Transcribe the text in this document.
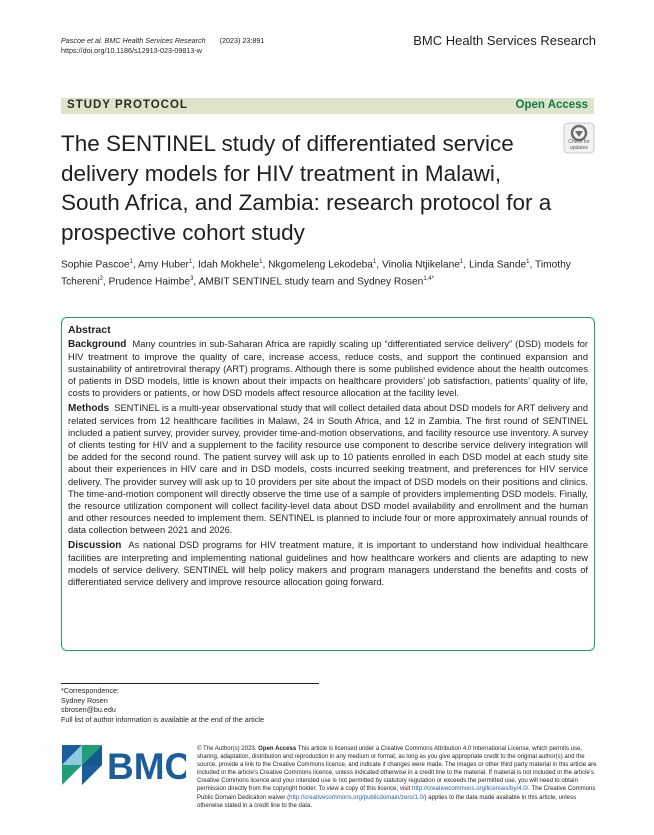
Pascoe et al. BMC Health Services Research (2023) 23:891
https://doi.org/10.1186/s12913-023-09813-w
BMC Health Services Research
STUDY PROTOCOL	Open Access
The SENTINEL study of differentiated service delivery models for HIV treatment in Malawi, South Africa, and Zambia: research protocol for a prospective cohort study
Check for updates
Sophie Pascoe$^1$, Amy Huber$^1$, Idah Mokhele$^1$, Nkgomeleng Lekodeba$^1$, Vinolia Ntjikelane$^1$, Linda Sande$^1$, Timothy Tchereni$^2$, Prudence Haimbe$^3$, AMBIT SENTINEL study team and Sydney Rosen$^{1,4*}$
Abstract

Background Many countries in sub-Saharan Africa are rapidly scaling up “differentiated service delivery” (DSD) models for HIV treatment to improve the quality of care, increase access, reduce costs, and support the continued expansion and sustainability of antiretroviral therapy (ART) programs. Although there is some published evidence about the health outcomes of patients in DSD models, little is known about their impacts on healthcare providers’ job satisfaction, patients’ quality of life, costs to providers or patients, or how DSD models affect resource allocation at the facility level.

Methods SENTINEL is a multi-year observational study that will collect detailed data about DSD models for ART delivery and related services from 12 healthcare facilities in Malawi, 24 in South Africa, and 12 in Zambia. The first round of SENTINEL included a patient survey, provider survey, provider time-and-motion observations, and facility resource use inventory. A survey of clients testing for HIV and a supplement to the facility resource use component to describe service delivery integration will be added for the second round. The patient survey will ask up to 10 patients enrolled in each DSD model at each study site about their experiences in HIV care and in DSD models, costs incurred seeking treatment, and preferences for HIV service delivery. The provider survey will ask up to 10 providers per site about the impact of DSD models on their positions and clinics. The time-and-motion component will directly observe the time use of a sample of providers implementing DSD models. Finally, the resource utilization component will collect facility-level data about DSD model availability and enrollment and the human and other resources needed to implement them. SENTINEL is planned to include four or more approximately annual rounds of data collection between 2021 and 2026.

Discussion As national DSD programs for HIV treatment mature, it is important to understand how individual healthcare facilities are interpreting and implementing national guidelines and how healthcare workers and clients are adapting to new models of service delivery. SENTINEL will help policy makers and program managers understand the benefits and costs of differentiated service delivery and improve resource allocation going forward.

*Correspondence:
Sydney Rosen
sbrosen@bu.edu
Full list of author information is available at the end of the article
BMC © The Author(s) 2023. Open Access This article is licensed under a Creative Commons Attribution 4.0 International License, which permits use, sharing, adaptation, distribution and reproduction in any medium or format, as long as you give appropriate credit to the original author(s) and the source, provide a link to the Creative Commons licence, and indicate if changes were made. The images or other third party material in this article are included in the article’s Creative Commons licence, unless indicated otherwise in a credit line to the material. If material is not included in the article’s Creative Commons licence and your intended use is not permitted by statutory regulation or exceeds the permitted use, you will need to obtain permission directly from the copyright holder. To view a copy of this licence, visit http://creativecommons.org/licenses/by/4.0/. The Creative Commons Public Domain Dedication waiver (http://creativecommons.org/publicdomain/zero/1.0/) applies to the data made available in this article, unless otherwise stated in a credit line to the data.
